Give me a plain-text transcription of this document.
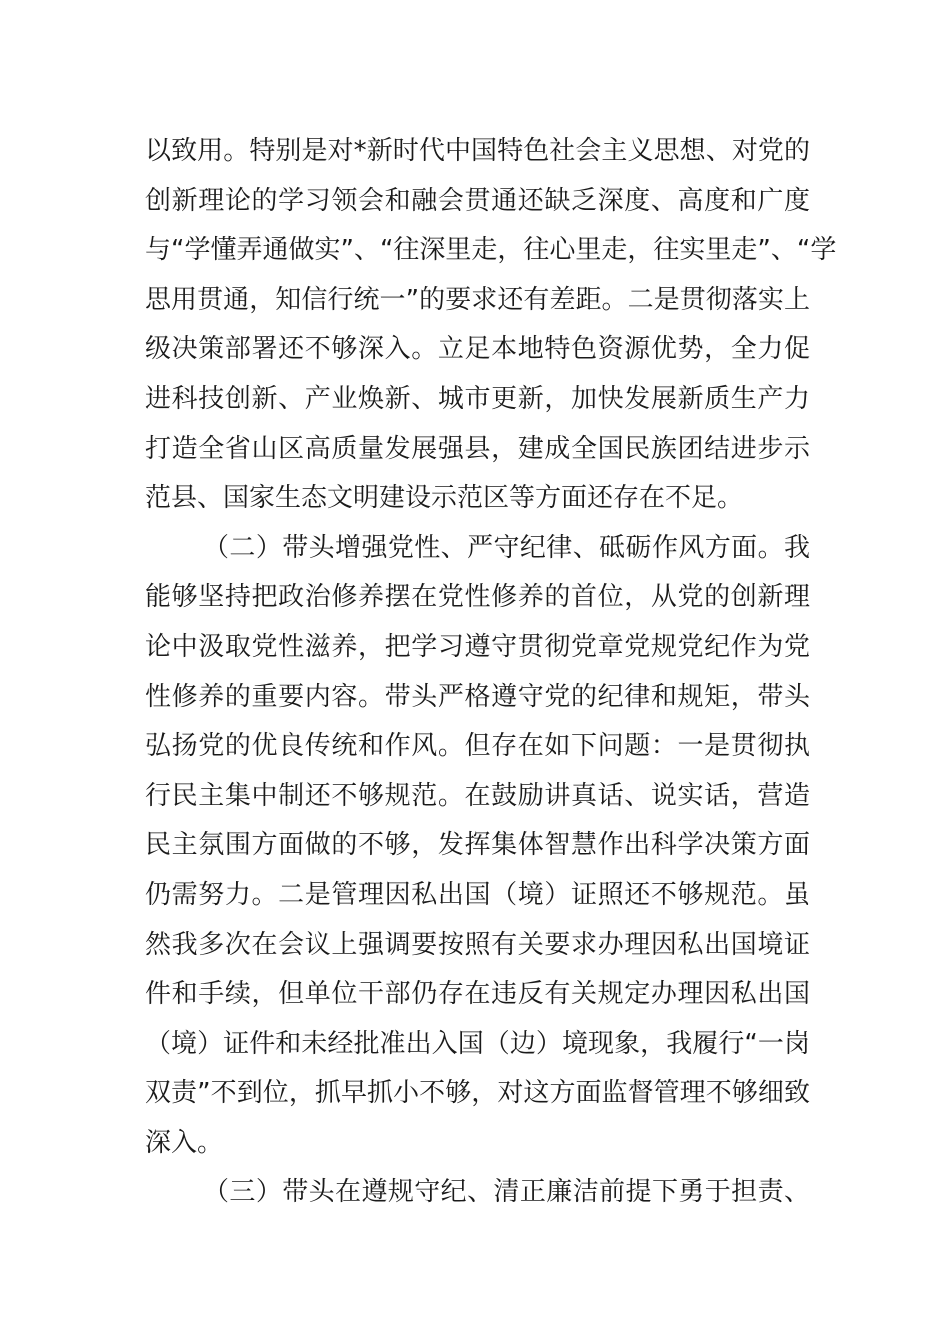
以致用。特别是对*新时代中国特色社会主义思想、对党的
创新理论的学习领会和融会贯通还缺乏深度、高度和广度
与“学懂弄通做实”、“往深里走，往心里走，往实里走”、“学
思用贯通，知信行统一”的要求还有差距。二是贯彻落实上
级决策部署还不够深入。立足本地特色资源优势，全力促
进科技创新、产业焕新、城市更新，加快发展新质生产力
打造全省山区高质量发展强县，建成全国民族团结进步示
范县、国家生态文明建设示范区等方面还存在不足。
（二）带头增强党性、严守纪律、砥砺作风方面。我
能够坚持把政治修养摆在党性修养的首位，从党的创新理
论中汲取党性滋养，把学习遵守贯彻党章党规党纪作为党
性修养的重要内容。带头严格遵守党的纪律和规矩，带头
弘扬党的优良传统和作风。但存在如下问题：一是贯彻执
行民主集中制还不够规范。在鼓励讲真话、说实话，营造
民主氛围方面做的不够，发挥集体智慧作出科学决策方面
仍需努力。二是管理因私出国（境）证照还不够规范。虽
然我多次在会议上强调要按照有关要求办理因私出国境证
件和手续，但单位干部仍存在违反有关规定办理因私出国
（境）证件和未经批准出入国（边）境现象，我履行“一岗
双责”不到位，抓早抓小不够，对这方面监督管理不够细致
深入。
（三）带头在遵规守纪、清正廉洁前提下勇于担责、
